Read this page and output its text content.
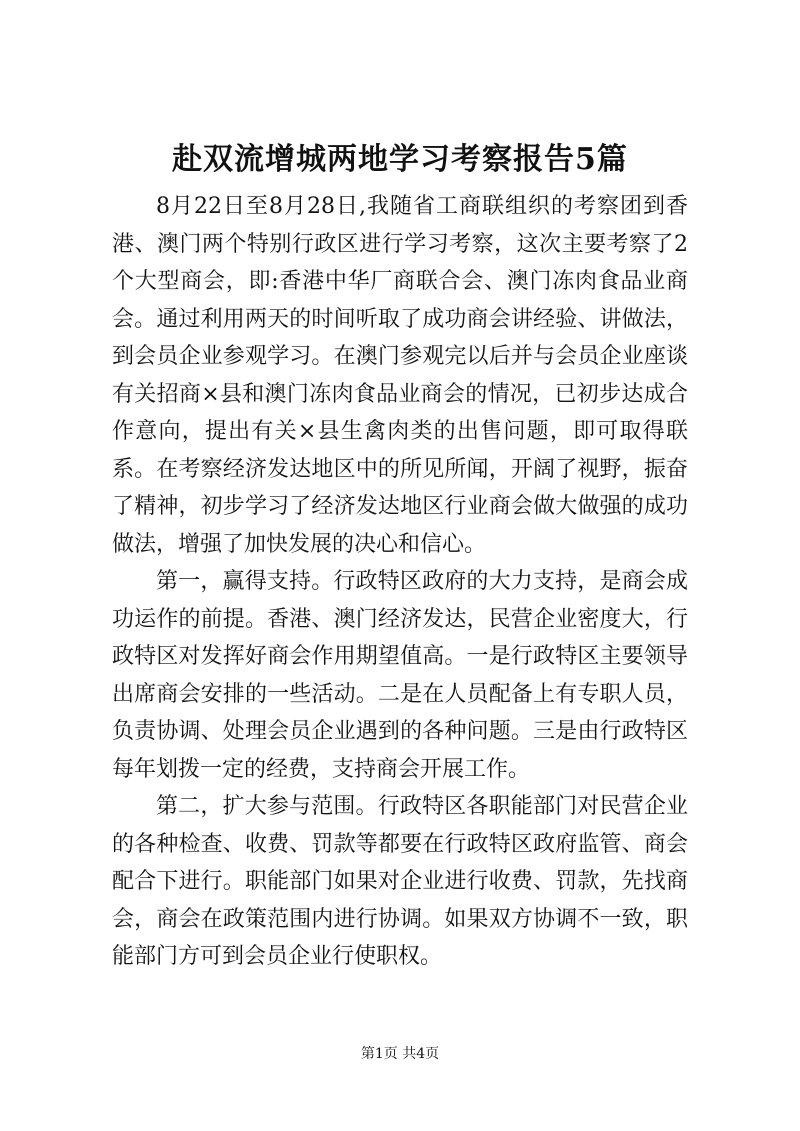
赴双流增城两地学习考察报告5篇

8月22日至8月28日,我随省工商联组织的考察团到香港、澳门两个特别行政区进行学习考察，这次主要考察了2个大型商会，即:香港中华厂商联合会、澳门冻肉食品业商会。通过利用两天的时间听取了成功商会讲经验、讲做法，到会员企业参观学习。在澳门参观完以后并与会员企业座谈有关招商×县和澳门冻肉食品业商会的情况，已初步达成合作意向，提出有关×县生禽肉类的出售问题，即可取得联系。在考察经济发达地区中的所见所闻，开阔了视野，振奋了精神，初步学习了经济发达地区行业商会做大做强的成功做法，增强了加快发展的决心和信心。

第一，赢得支持。行政特区政府的大力支持，是商会成功运作的前提。香港、澳门经济发达，民营企业密度大，行政特区对发挥好商会作用期望值高。一是行政特区主要领导出席商会安排的一些活动。二是在人员配备上有专职人员，负责协调、处理会员企业遇到的各种问题。三是由行政特区每年划拨一定的经费，支持商会开展工作。

第二，扩大参与范围。行政特区各职能部门对民营企业的各种检查、收费、罚款等都要在行政特区政府监管、商会配合下进行。职能部门如果对企业进行收费、罚款，先找商会，商会在政策范围内进行协调。如果双方协调不一致，职能部门方可到会员企业行使职权。

第1页 共4页
